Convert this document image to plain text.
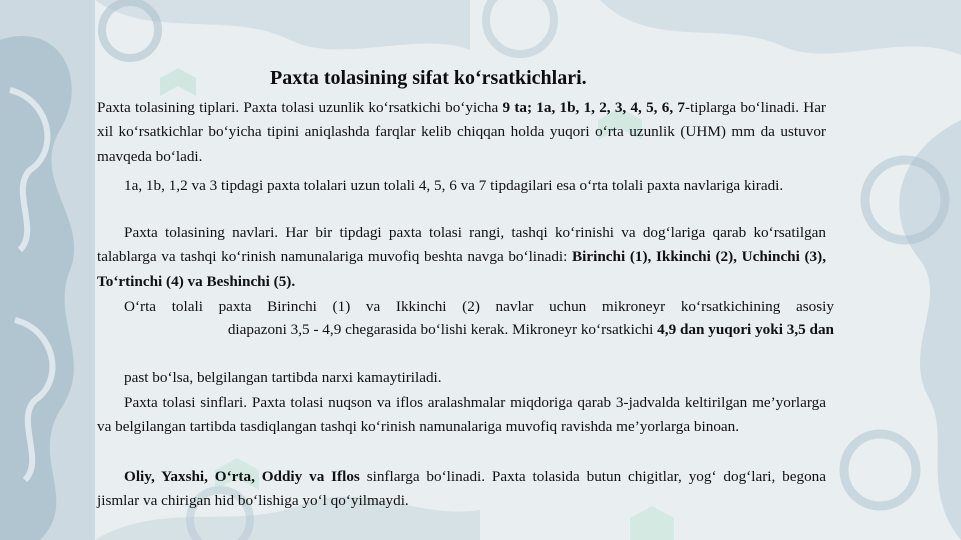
Paxta tolasining sifat ko‘rsatkichlari.

Paxta tolasining tiplari. Paxta tolasi uzunlik ko‘rsatkichi bo‘yicha 9 ta; 1a, 1b, 1, 2, 3, 4, 5, 6, 7-tiplarga bo‘linadi. Har xil ko‘rsatkichlar bo‘yicha tipini aniqlashda farqlar kelib chiqqan holda yuqori o‘rta uzunlik (UHM) mm da ustuvor mavqeda bo‘ladi.

1a, 1b, 1,2 va 3 tipdagi paxta tolalari uzun tolali 4, 5, 6 va 7 tipdagilari esa o‘rta tolali paxta navlariga kiradi.

Paxta tolasining navlari. Har bir tipdagi paxta tolasi rangi, tashqi ko‘rinishi va dog‘lariga qarab ko‘rsatilgan talablarga va tashqi ko‘rinish namunalariga muvofiq beshta navga bo‘linadi: Birinchi (1), Ikkinchi (2), Uchinchi (3), To‘rtinchi (4) va Beshinchi (5).

O‘rta tolali paxta Birinchi (1) va Ikkinchi (2) navlar uchun mikroneyr ko‘rsatkichining asosiy

diapazoni 3,5 - 4,9 chegarasida bo‘lishi kerak. Mikroneyr ko‘rsatkichi 4,9 dan yuqori yoki 3,5 dan

past bo‘lsa, belgilangan tartibda narxi kamaytiriladi.

Paxta tolasi sinflari. Paxta tolasi nuqson va iflos aralashmalar miqdoriga qarab 3-jadvalda keltirilgan me’yorlarga va belgilangan tartibda tasdiqlangan tashqi ko‘rinish namunalariga muvofiq ravishda me’yorlarga binoan.

Oliy, Yaxshi, O‘rta, Oddiy va Iflos sinflarga bo‘linadi. Paxta tolasida butun chigitlar, yog‘ dog‘lari, begona jismlar va chirigan hid bo‘lishiga yo‘l qo‘yilmaydi.
